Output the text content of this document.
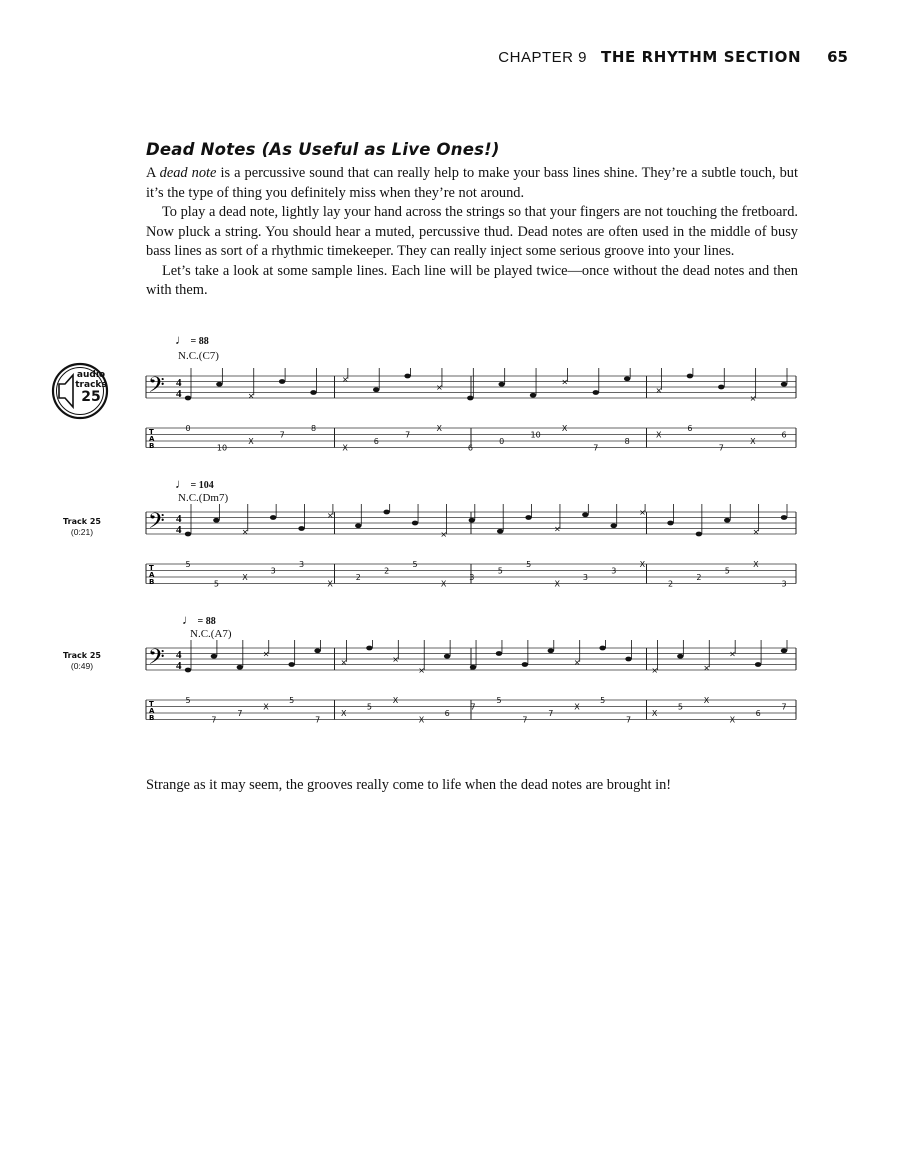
CHAPTER 9 THE RHYTHM SECTION 65
Dead Notes (As Useful as Live Ones!)

A dead note is a percussive sound that can really help to make your bass lines shine. They’re a subtle touch, but it’s the type of thing you definitely miss when they’re not around.

To play a dead note, lightly lay your hand across the strings so that your fingers are not touching the fretboard. Now pluck a string. You should hear a muted, percussive thud. Dead notes are often used in the middle of busy bass lines as sort of a rhythmic timekeeper. They can really inject some serious groove into your lines.

Let’s take a look at some sample lines. Each line will be played twice—once without the dead notes and then with them.

audio
tracks
25
♩ = 88
N.C.(C7)
𝄢 4
4
T
A
B
0
10
×
X
7
8
×
X
6
7
×
X
6
0
10
×
X
7
8
×
X
6
7
×
X
6
♩ = 104
N.C.(Dm7)
Track 25
(0:21)	𝄢 4
4
T
A
B
5
5
×
X
3
3
×
X
2
2
5
×
X
3
5
5
×
X
3
3
×
X
2
2
5
×
X
3
♩ = 88
N.C.(A7)
Track 25
(0:49)	𝄢 4
4
T
A
B
5
7
7
×
X
5
7
×
X
5
×
X
×
X
6
7
5
7
7
×
X
5
7
×
X
5
×
X
×
X
6
7

Strange as it may seem, the grooves really come to life when the dead notes are brought in!
